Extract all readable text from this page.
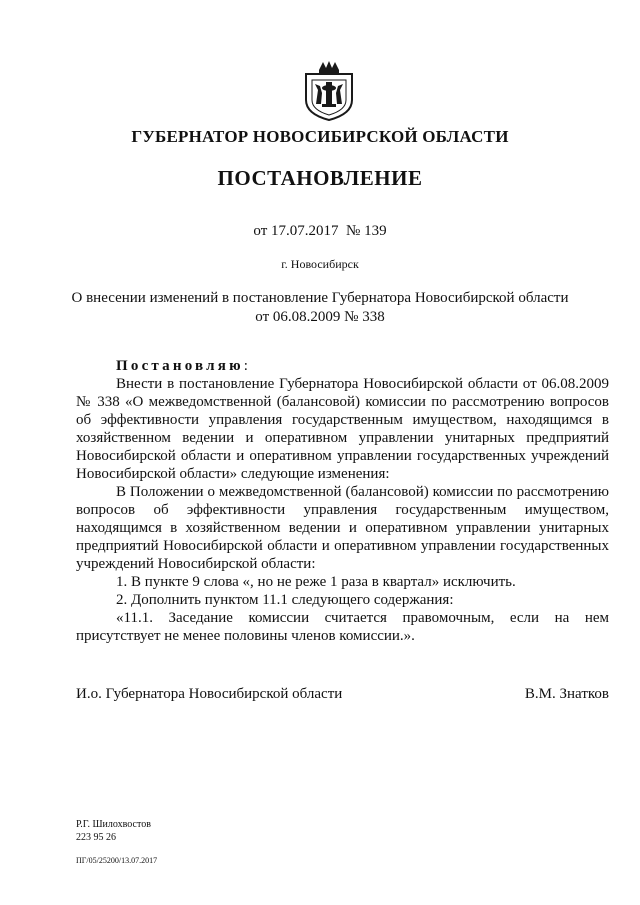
ГУБЕРНАТОР НОВОСИБИРСКОЙ ОБЛАСТИ
ПОСТАНОВЛЕНИЕ
от 17.07.2017 № 139
г. Новосибирск
О внесении изменений в постановление Губернатора Новосибирской области
от 06.08.2009 № 338

Постановляю:

Внести в постановление Губернатора Новосибирской области от 06.08.2009 № 338 «О межведомственной (балансовой) комиссии по рассмотрению вопросов об эффективности управления государственным имуществом, находящимся в хозяйственном ведении и оперативном управлении унитарных предприятий Новосибирской области и оперативном управлении государственных учреждений Новосибирской области» следующие изменения:

В Положении о межведомственной (балансовой) комиссии по рассмотрению вопросов об эффективности управления государственным имуществом, находящимся в хозяйственном ведении и оперативном управлении унитарных предприятий Новосибирской области и оперативном управлении государственных учреждений Новосибирской области:

1. В пункте 9 слова «, но не реже 1 раза в квартал» исключить.

2. Дополнить пунктом 11.1 следующего содержания:

«11.1. Заседание комиссии считается правомочным, если на нем присутствует не менее половины членов комиссии.».

И.о. Губернатора Новосибирской области	В.М. Знатков
Р.Г. Шилохвостов
223 95 26
ПГ/05/25200/13.07.2017
